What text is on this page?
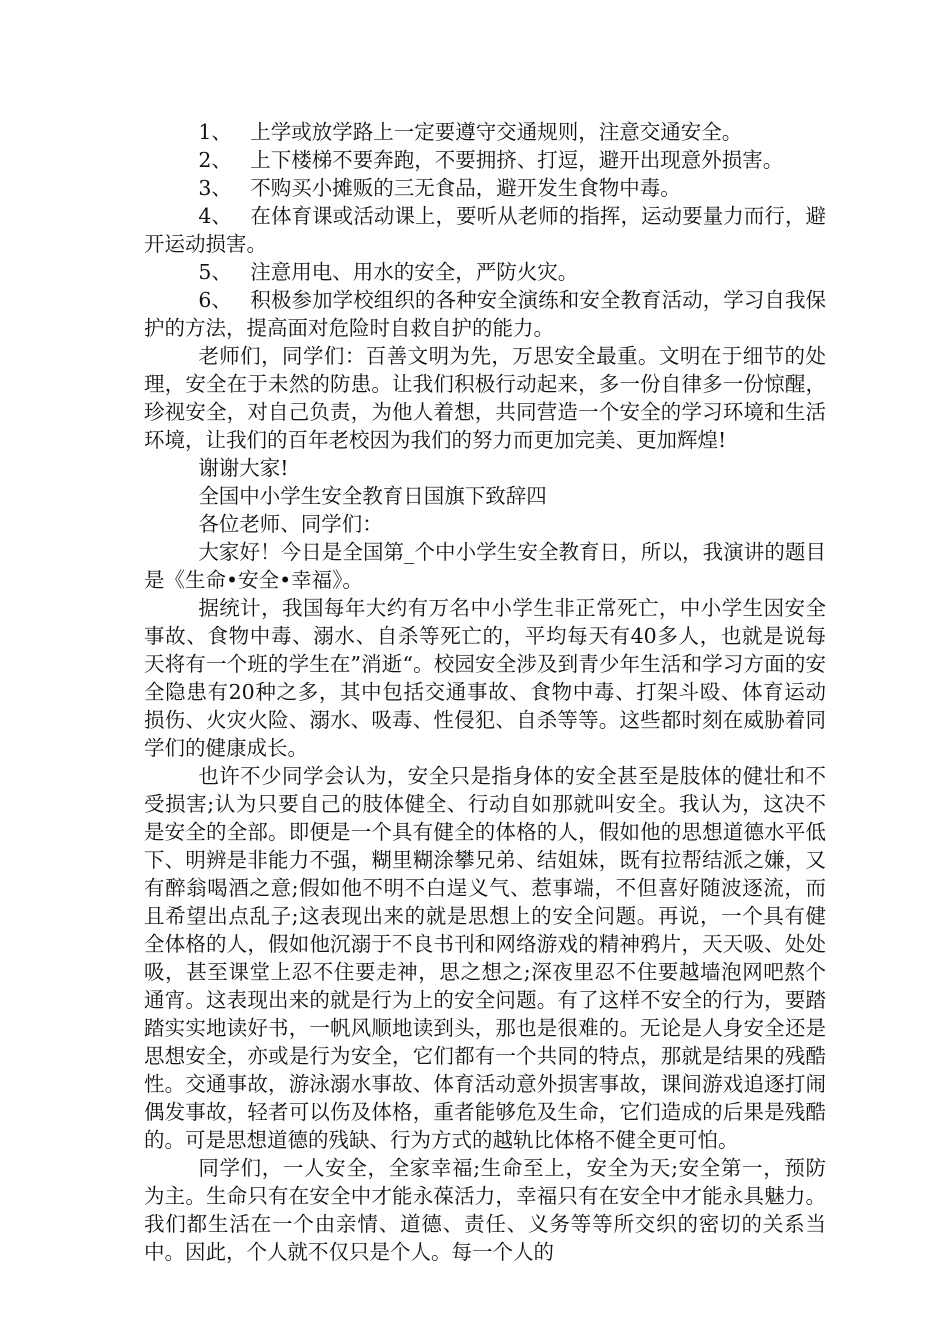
1、 上学或放学路上一定要遵守交通规则，注意交通安全。

2、 上下楼梯不要奔跑，不要拥挤、打逗，避开出现意外损害。

3、 不购买小摊贩的三无食品，避开发生食物中毒。

4、 在体育课或活动课上，要听从老师的指挥，运动要量力而行，避开运动损害。

5、 注意用电、用水的安全，严防火灾。

6、 积极参加学校组织的各种安全演练和安全教育活动，学习自我保护的方法，提高面对危险时自救自护的能力。

老师们，同学们：百善文明为先，万思安全最重。文明在于细节的处理，安全在于未然的防患。让我们积极行动起来，多一份自律多一份惊醒，珍视安全，对自己负责，为他人着想，共同营造一个安全的学习环境和生活环境，让我们的百年老校因为我们的努力而更加完美、更加辉煌!

谢谢大家!

全国中小学生安全教育日国旗下致辞四

各位老师、同学们：

大家好！今日是全国第_个中小学生安全教育日，所以，我演讲的题目是《生命•安全•幸福》。

据统计，我国每年大约有万名中小学生非正常死亡，中小学生因安全事故、食物中毒、溺水、自杀等死亡的，平均每天有40多人，也就是说每天将有一个班的学生在”消逝“。校园安全涉及到青少年生活和学习方面的安全隐患有20种之多，其中包括交通事故、食物中毒、打架斗殴、体育运动损伤、火灾火险、溺水、吸毒、性侵犯、自杀等等。这些都时刻在威胁着同学们的健康成长。

也许不少同学会认为，安全只是指身体的安全甚至是肢体的健壮和不受损害;认为只要自己的肢体健全、行动自如那就叫安全。我认为，这决不是安全的全部。即便是一个具有健全的体格的人，假如他的思想道德水平低下、明辨是非能力不强，糊里糊涂攀兄弟、结姐妹，既有拉帮结派之嫌，又有醉翁喝酒之意;假如他不明不白逞义气、惹事端，不但喜好随波逐流，而且希望出点乱子;这表现出来的就是思想上的安全问题。再说，一个具有健全体格的人，假如他沉溺于不良书刊和网络游戏的精神鸦片，天天吸、处处吸，甚至课堂上忍不住要走神，思之想之;深夜里忍不住要越墙泡网吧熬个通宵。这表现出来的就是行为上的安全问题。有了这样不安全的行为，要踏踏实实地读好书，一帆风顺地读到头，那也是很难的。无论是人身安全还是思想安全，亦或是行为安全，它们都有一个共同的特点，那就是结果的残酷性。交通事故，游泳溺水事故、体育活动意外损害事故，课间游戏追逐打闹偶发事故，轻者可以伤及体格，重者能够危及生命，它们造成的后果是残酷的。可是思想道德的残缺、行为方式的越轨比体格不健全更可怕。

同学们，一人安全，全家幸福;生命至上，安全为天;安全第一，预防为主。生命只有在安全中才能永葆活力，幸福只有在安全中才能永具魅力。我们都生活在一个由亲情、道德、责任、义务等等所交织的密切的关系当中。因此，个人就不仅只是个人。每一个人的
